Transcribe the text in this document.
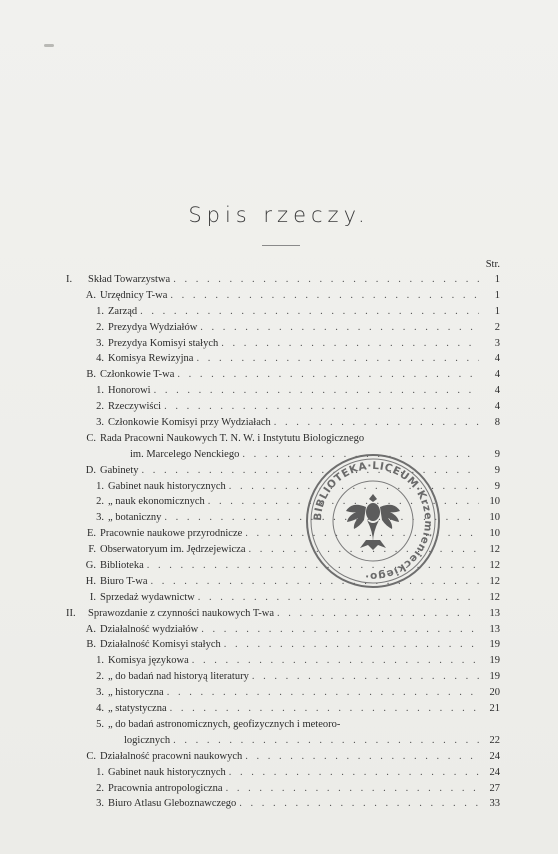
Spis rzeczy.
Str.
I.	Skład Towarzystwa . . .	1
A. Urzędnicy T-wa . . .	1
1. Zarząd . . .	1
2. Prezydya Wydziałów . . .	2
3. Prezydya Komisyi stałych . . .	3
4. Komisya Rewizyjna . . .	4
B. Członkowie T-wa . . .	4
1. Honorowi . . .	4
2. Rzeczywiści . . .	4
3. Członkowie Komisyi przy Wydziałach . . .	8
C. Rada Pracowni Naukowych T. N. W. i Instytutu Biologicznego
im. Marcelego Nenckiego . . .	9
D. Gabinety . . .	9
1. Gabinet nauk historycznych . . .	9
2. „ nauk ekonomicznych . . .	10
3. „ botaniczny . . .	10
E. Pracownie naukowe przyrodnicze . . .	10
F. Obserwatoryum im. Jędrzejewicza . . .	12
G. Biblioteka . . .	12
H. Biuro T-wa . . .	12
I. Sprzedaż wydawnictw . . .	12
II.	Sprawozdanie z czynności naukowych T-wa . . .	13
A. Działalność wydziałów . . .	13
B. Działalność Komisyi stałych . . .	19
1. Komisya językowa . . .	19
2. „ do badań nad historyą literatury . . .	19
3. „ historyczna . . .	20
4. „ statystyczna . . .	21
5. „ do badań astronomicznych, geofizycznych i meteoro-
logicznych . . .	22
C. Działalność pracowni naukowych . . .	24
1. Gabinet nauk historycznych . . .	24
2. Pracownia antropologiczna . . .	27
3. Biuro Atlasu Gleboznawczego . . .	33
BIBLIOTEKA·LICEUM·Krzemienieckiego·
